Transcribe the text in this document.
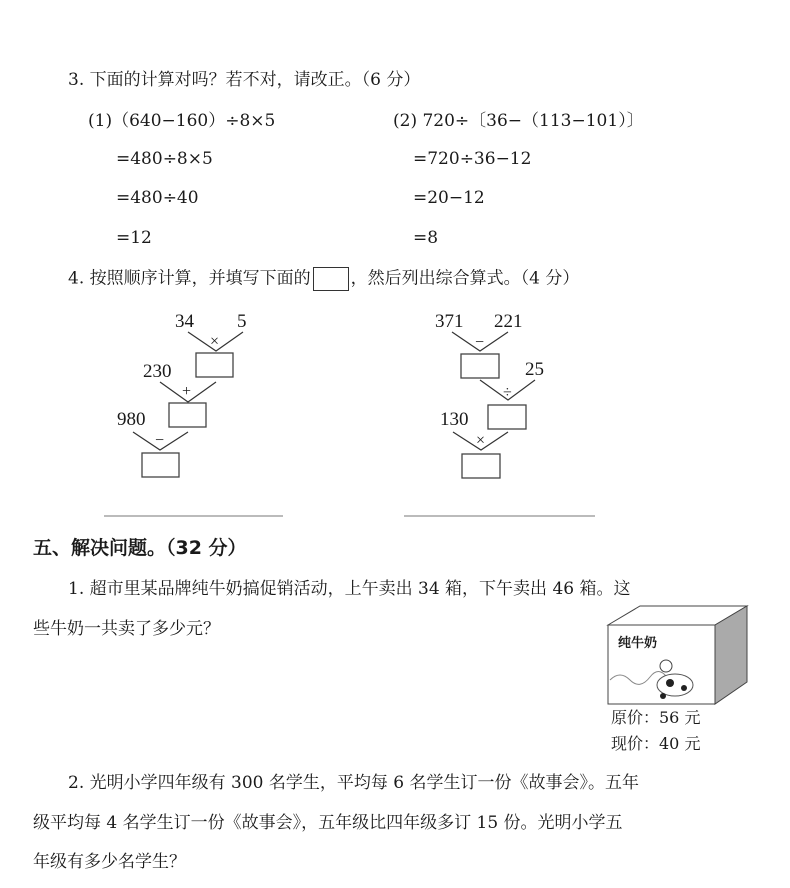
3. 下面的计算对吗？若不对，请改正。（6 分）
(1)（640−160）÷8×5
=480÷8×5
=480÷40
=12
(2) 720÷〔36−（113−101）〕
=720÷36−12
=20−12
=8
4. 按照顺序计算，并填写下面的 ，然后列出综合算式。（4 分）
34 5
×
230
+
980
−
371 221
−
25
÷
130
×
五、解决问题。（32 分）
1. 超市里某品牌纯牛奶搞促销活动，上午卖出 34 箱，下午卖出 46 箱。这
些牛奶一共卖了多少元？
纯牛奶
原价：56 元
现价：40 元
2. 光明小学四年级有 300 名学生，平均每 6 名学生订一份《故事会》。五年
级平均每 4 名学生订一份《故事会》，五年级比四年级多订 15 份。光明小学五
年级有多少名学生？
